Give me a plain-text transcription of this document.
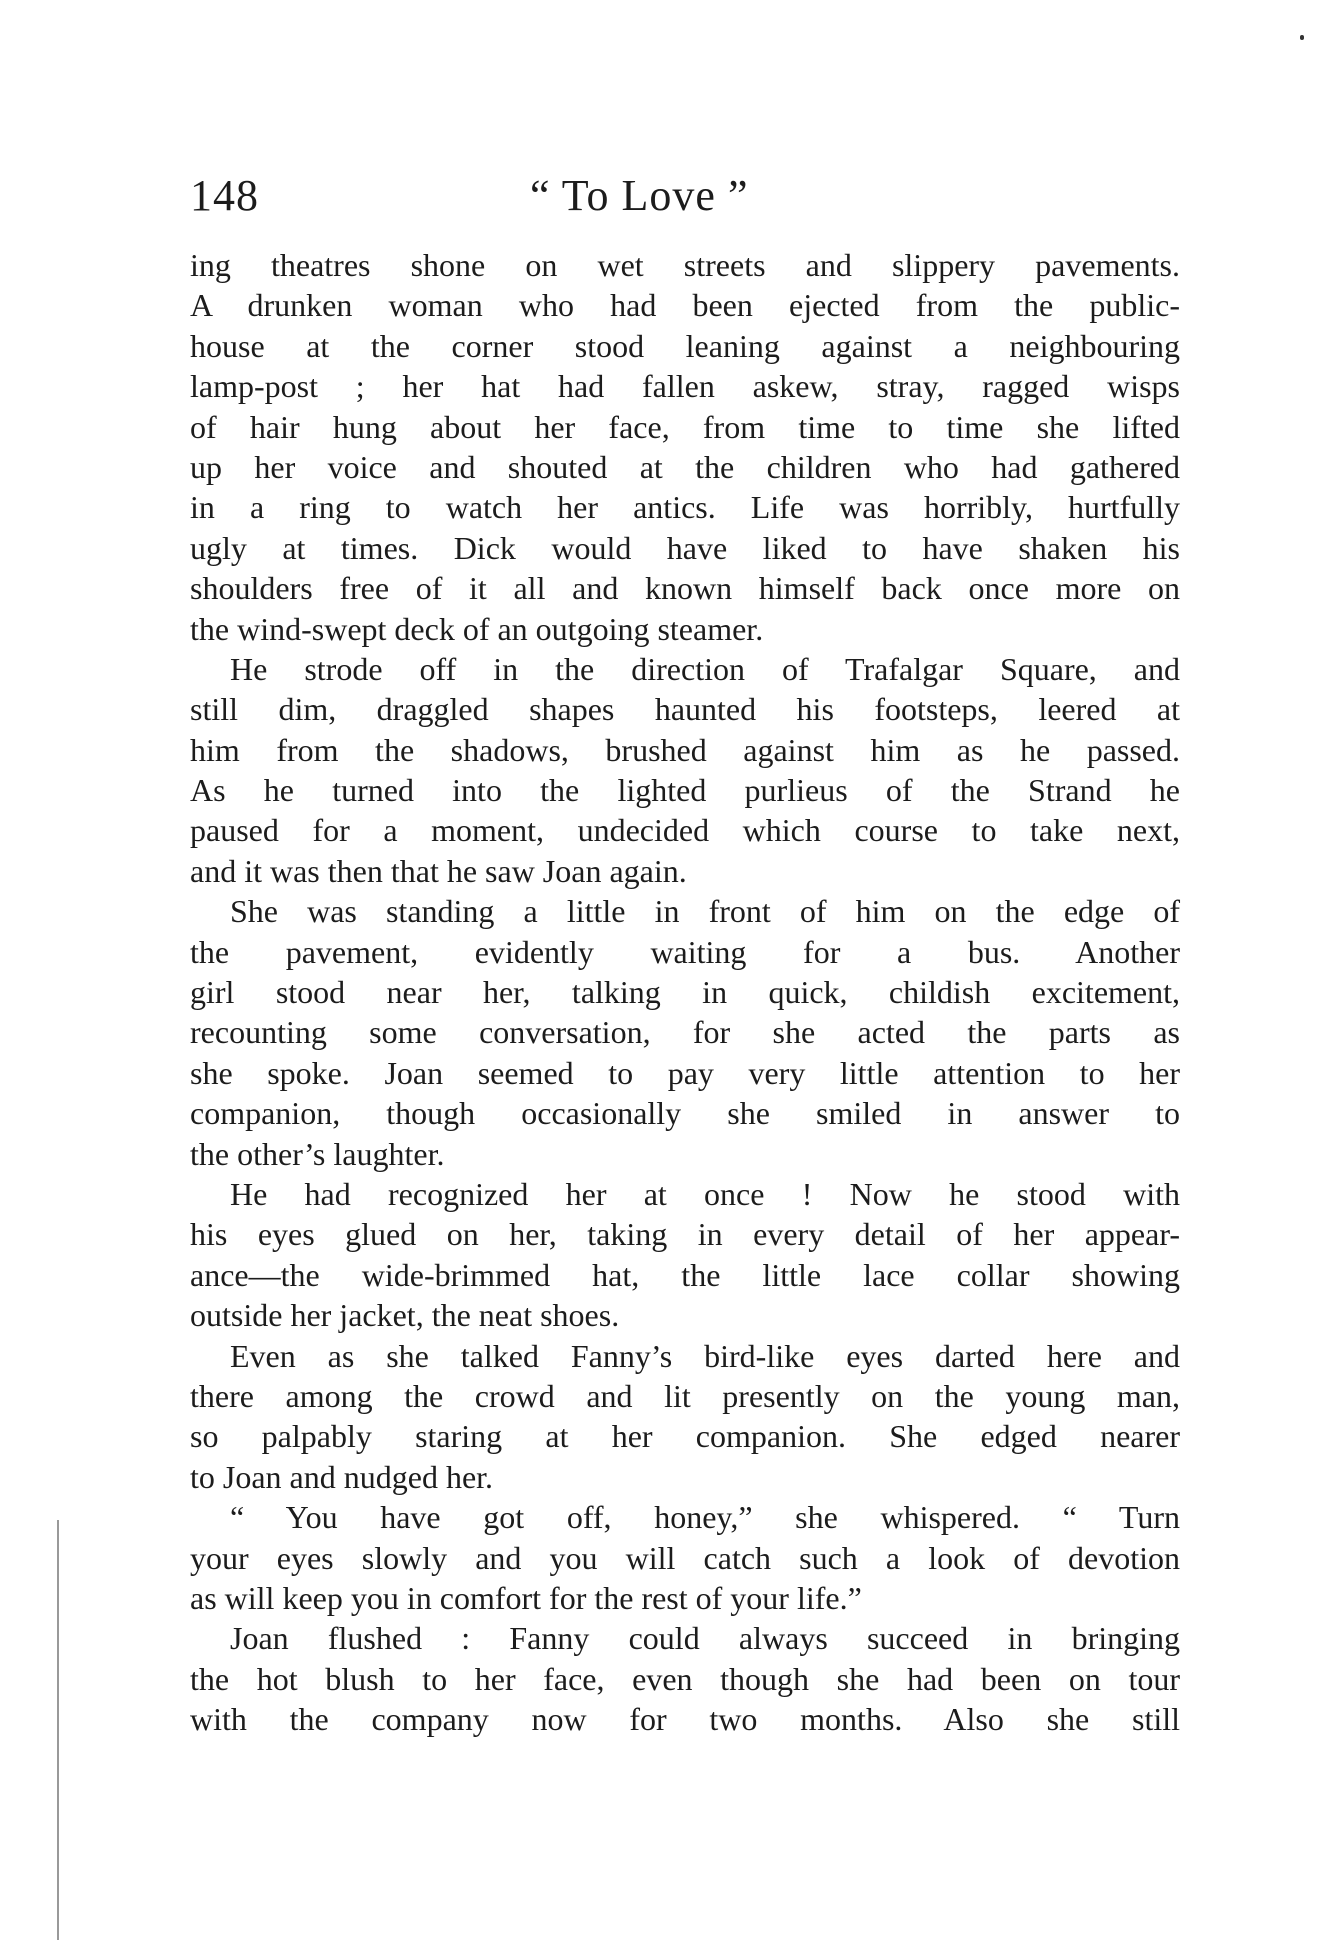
148	“ To Love ”
ing theatres shone on wet streets and slippery pavements.
A drunken woman who had been ejected from the public-
house at the corner stood leaning against a neighbouring
lamp-post ; her hat had fallen askew, stray, ragged wisps
of hair hung about her face, from time to time she lifted
up her voice and shouted at the children who had gathered
in a ring to watch her antics. Life was horribly, hurtfully
ugly at times. Dick would have liked to have shaken his
shoulders free of it all and known himself back once more on
the wind-swept deck of an outgoing steamer.
He strode off in the direction of Trafalgar Square, and
still dim, draggled shapes haunted his footsteps, leered at
him from the shadows, brushed against him as he passed.
As he turned into the lighted purlieus of the Strand he
paused for a moment, undecided which course to take next,
and it was then that he saw Joan again.
She was standing a little in front of him on the edge of
the pavement, evidently waiting for a bus. Another
girl stood near her, talking in quick, childish excitement,
recounting some conversation, for she acted the parts as
she spoke. Joan seemed to pay very little attention to her
companion, though occasionally she smiled in answer to
the other’s laughter.
He had recognized her at once ! Now he stood with
his eyes glued on her, taking in every detail of her appear-
ance—the wide-brimmed hat, the little lace collar showing
outside her jacket, the neat shoes.
Even as she talked Fanny’s bird-like eyes darted here and
there among the crowd and lit presently on the young man,
so palpably staring at her companion. She edged nearer
to Joan and nudged her.
“ You have got off, honey,” she whispered. “ Turn
your eyes slowly and you will catch such a look of devotion
as will keep you in comfort for the rest of your life.”
Joan flushed : Fanny could always succeed in bringing
the hot blush to her face, even though she had been on tour
with the company now for two months. Also she still
